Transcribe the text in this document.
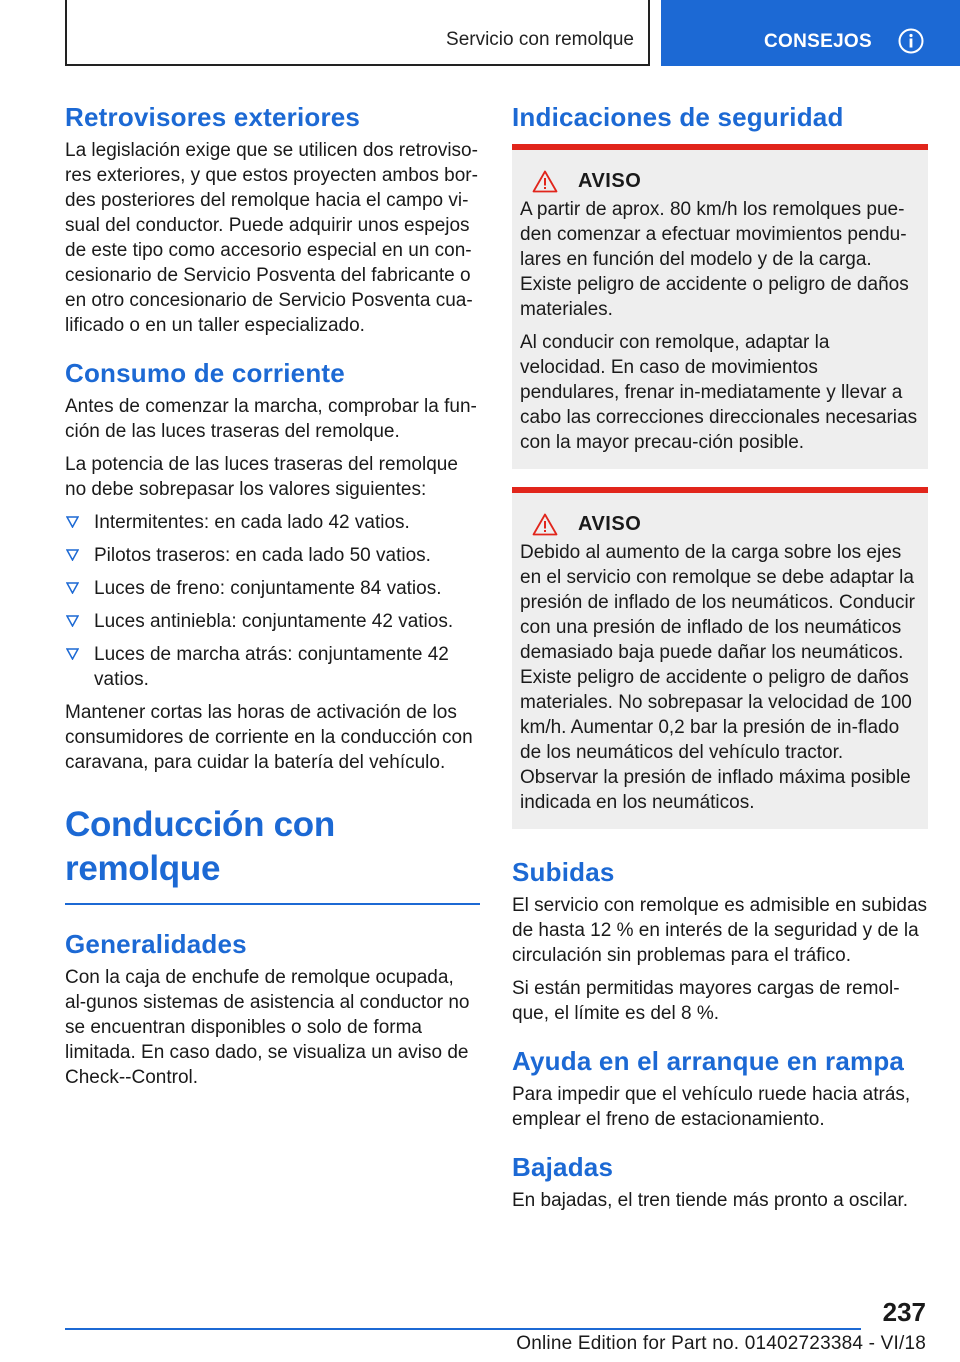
Servicio con remolque	CONSEJOS
Retrovisores exteriores

La legislación exige que se utilicen dos retroviso-res exteriores, y que estos proyecten ambos bor-des posteriores del remolque hacia el campo vi-sual del conductor. Puede adquirir unos espejos de este tipo como accesorio especial en un con-cesionario de Servicio Posventa del fabricante o en otro concesionario de Servicio Posventa cua-lificado o en un taller especializado.

Consumo de corriente

Antes de comenzar la marcha, comprobar la fun-ción de las luces traseras del remolque.

La potencia de las luces traseras del remolque no debe sobrepasar los valores siguientes:

Intermitentes: en cada lado 42 vatios.
Pilotos traseros: en cada lado 50 vatios.
Luces de freno: conjuntamente 84 vatios.
Luces antiniebla: conjuntamente 42 vatios.
Luces de marcha atrás: conjuntamente 42 vatios.

Mantener cortas las horas de activación de los consumidores de corriente en la conducción con caravana, para cuidar la batería del vehículo.

Conducción con remolque
Generalidades

Con la caja de enchufe de remolque ocupada, al-gunos sistemas de asistencia al conductor no se encuentran disponibles o solo de forma limitada. En caso dado, se visualiza un aviso de Check--Control.

Indicaciones de seguridad
AVISO

A partir de aprox. 80 km/h los remolques pue-den comenzar a efectuar movimientos pendu-lares en función del modelo y de la carga. Existe peligro de accidente o peligro de daños materiales.

Al conducir con remolque, adaptar la velocidad. En caso de movimientos pendulares, frenar in-mediatamente y llevar a cabo las correcciones direccionales necesarias con la mayor precau-ción posible.

AVISO

Debido al aumento de la carga sobre los ejes en el servicio con remolque se debe adaptar la presión de inflado de los neumáticos. Conducir con una presión de inflado de los neumáticos demasiado baja puede dañar los neumáticos. Existe peligro de accidente o peligro de daños materiales. No sobrepasar la velocidad de 100 km/h. Aumentar 0,2 bar la presión de in-flado de los neumáticos del vehículo tractor. Observar la presión de inflado máxima posible indicada en los neumáticos.

Subidas

El servicio con remolque es admisible en subidas de hasta 12 % en interés de la seguridad y de la circulación sin problemas para el tráfico.

Si están permitidas mayores cargas de remol-que, el límite es del 8 %.

Ayuda en el arranque en rampa

Para impedir que el vehículo ruede hacia atrás, emplear el freno de estacionamiento.

Bajadas

En bajadas, el tren tiende más pronto a oscilar.

237
Online Edition for Part no. 01402723384 - VI/18
